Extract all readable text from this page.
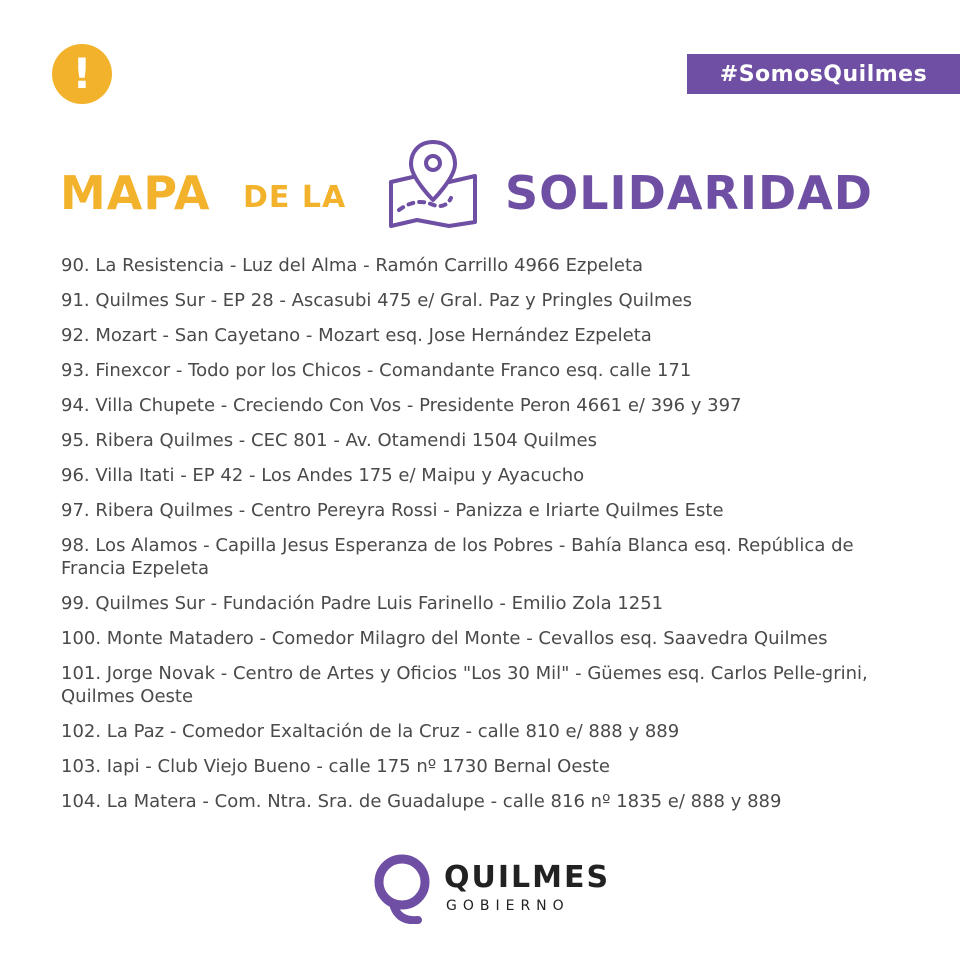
!	#SomosQuilmes
MAPA DE LA	SOLIDARIDAD
90. La Resistencia - Luz del Alma - Ramón Carrillo 4966 Ezpeleta
91. Quilmes Sur - EP 28 - Ascasubi 475 e/ Gral. Paz y Pringles Quilmes
92. Mozart - San Cayetano - Mozart esq. Jose Hernández Ezpeleta
93. Finexcor - Todo por los Chicos - Comandante Franco esq. calle 171
94. Villa Chupete - Creciendo Con Vos - Presidente Peron 4661 e/ 396 y 397
95. Ribera Quilmes - CEC 801 - Av. Otamendi 1504 Quilmes
96. Villa Itati - EP 42 - Los Andes 175 e/ Maipu y Ayacucho
97. Ribera Quilmes - Centro Pereyra Rossi - Panizza e Iriarte Quilmes Este
98. Los Alamos - Capilla Jesus Esperanza de los Pobres - Bahía Blanca esq. República de Francia Ezpeleta
99. Quilmes Sur - Fundación Padre Luis Farinello - Emilio Zola 1251
100. Monte Matadero - Comedor Milagro del Monte - Cevallos esq. Saavedra Quilmes
101. Jorge Novak - Centro de Artes y Oficios "Los 30 Mil" - Güemes esq. Carlos Pelle-grini, Quilmes Oeste
102. La Paz - Comedor Exaltación de la Cruz - calle 810 e/ 888 y 889
103. Iapi - Club Viejo Bueno - calle 175 nº 1730 Bernal Oeste
104. La Matera - Com. Ntra. Sra. de Guadalupe - calle 816 nº 1835 e/ 888 y 889
QUILMES
GOBIERNO
